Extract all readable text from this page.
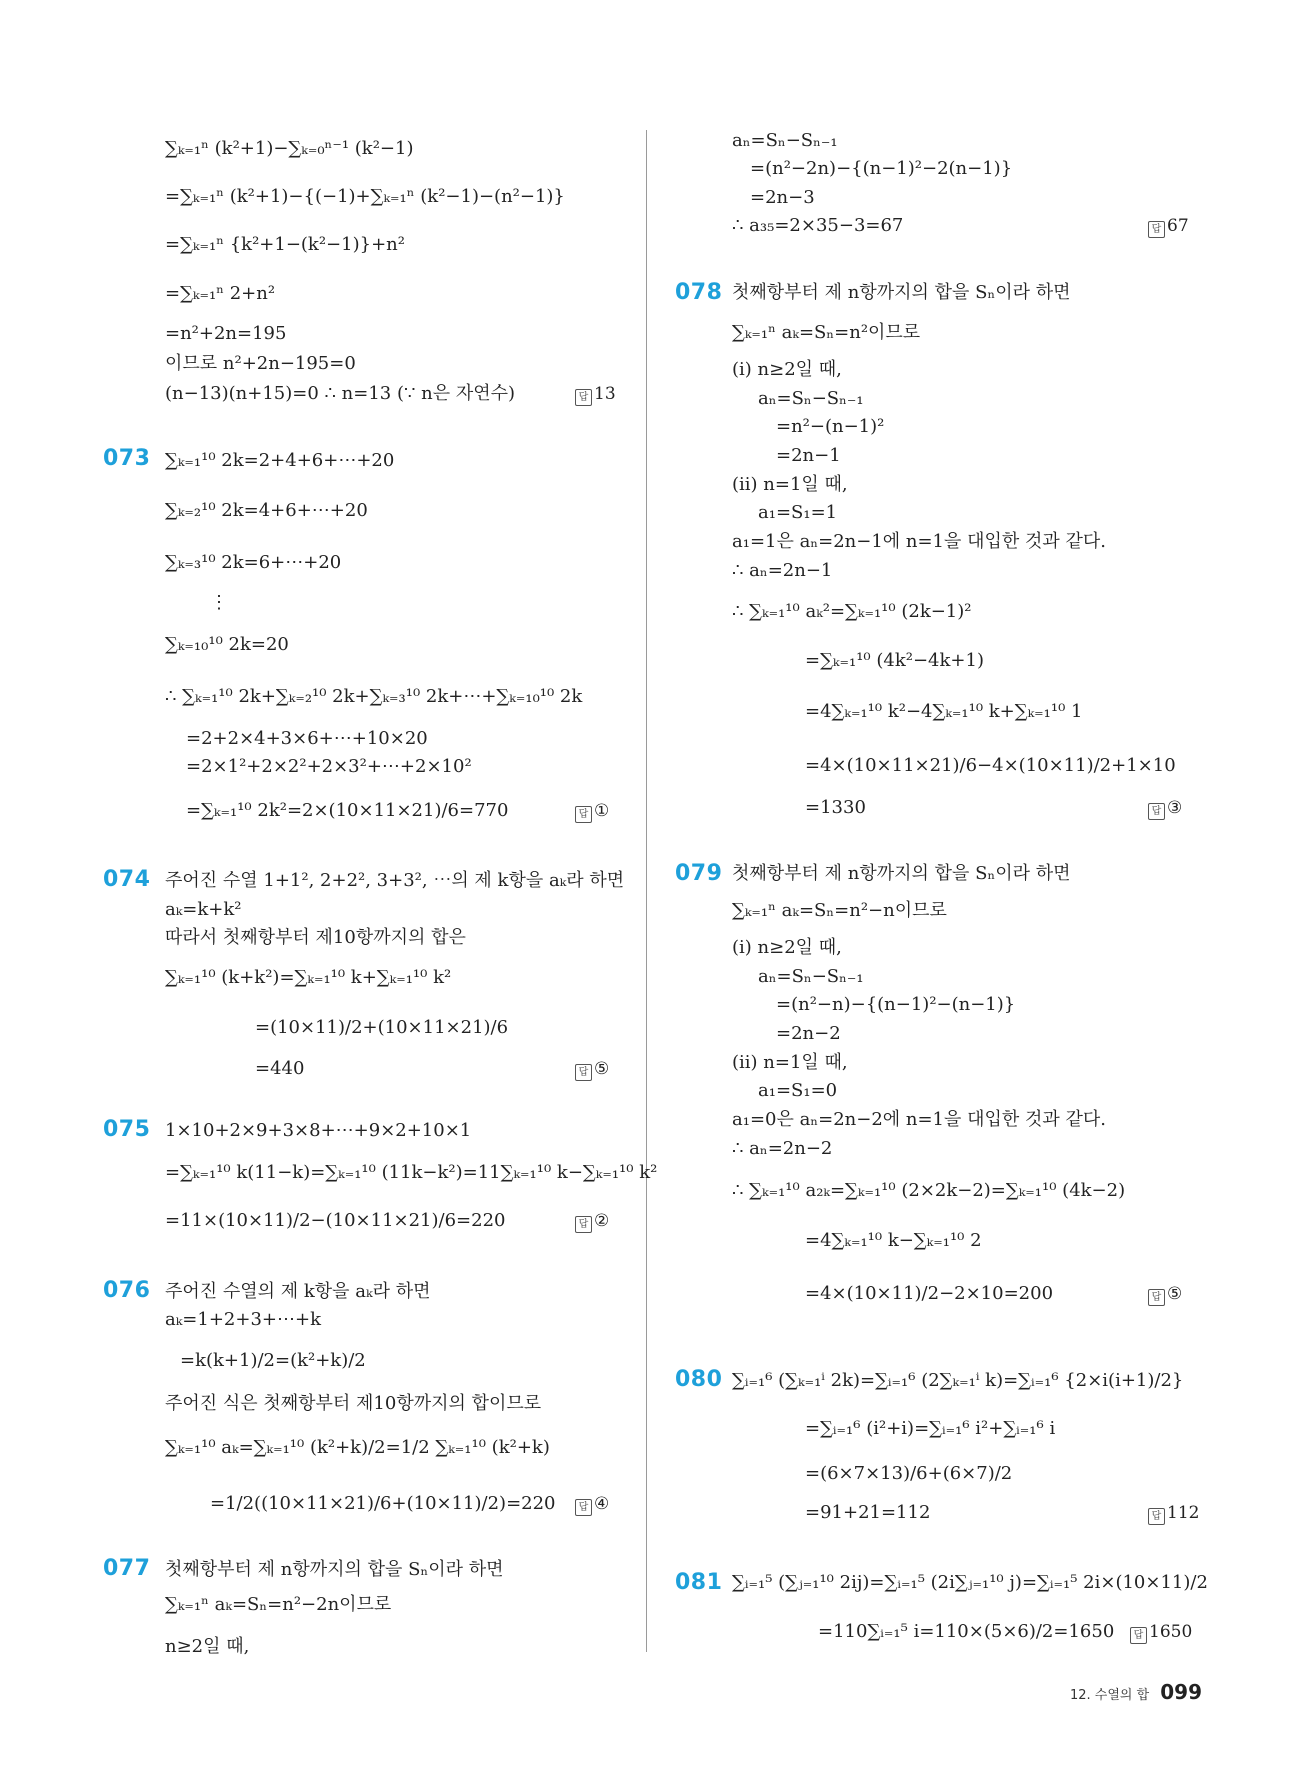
∑ₖ₌₁ⁿ (k²+1)−∑ₖ₌₀ⁿ⁻¹ (k²−1)
=∑ₖ₌₁ⁿ (k²+1)−{(−1)+∑ₖ₌₁ⁿ (k²−1)−(n²−1)}
=∑ₖ₌₁ⁿ {k²+1−(k²−1)}+n²
=∑ₖ₌₁ⁿ 2+n²
=n²+2n=195
이므로 n²+2n−195=0
(n−13)(n+15)=0 ∴ n=13 (∵ n은 자연수) 답	13
073 ∑ₖ₌₁¹⁰ 2k=2+4+6+⋯+20
∑ₖ₌₂¹⁰ 2k=4+6+⋯+20
∑ₖ₌₃¹⁰ 2k=6+⋯+20
⋮
∑ₖ₌₁₀¹⁰ 2k=20
∴ ∑ₖ₌₁¹⁰ 2k+∑ₖ₌₂¹⁰ 2k+∑ₖ₌₃¹⁰ 2k+⋯+∑ₖ₌₁₀¹⁰ 2k
=2+2×4+3×6+⋯+10×20
=2×1²+2×2²+2×3²+⋯+2×10²
=∑ₖ₌₁¹⁰ 2k²=2×(10×11×21)/6=770 답	①
074 주어진 수열 1+1², 2+2², 3+3², ⋯의 제 k항을 aₖ라 하면
aₖ=k+k²
따라서 첫째항부터 제10항까지의 합은
∑ₖ₌₁¹⁰ (k+k²)=∑ₖ₌₁¹⁰ k+∑ₖ₌₁¹⁰ k²
=(10×11)/2+(10×11×21)/6
=440 답	⑤
075 1×10+2×9+3×8+⋯+9×2+10×1
=∑ₖ₌₁¹⁰ k(11−k)=∑ₖ₌₁¹⁰ (11k−k²)=11∑ₖ₌₁¹⁰ k−∑ₖ₌₁¹⁰ k²
=11×(10×11)/2−(10×11×21)/6=220 답	②
076 주어진 수열의 제 k항을 aₖ라 하면
aₖ=1+2+3+⋯+k
=k(k+1)/2=(k²+k)/2
주어진 식은 첫째항부터 제10항까지의 합이므로
∑ₖ₌₁¹⁰ aₖ=∑ₖ₌₁¹⁰ (k²+k)/2=1/2 ∑ₖ₌₁¹⁰ (k²+k)
=1/2((10×11×21)/6+(10×11)/2)=220 답	④
077 첫째항부터 제 n항까지의 합을 Sₙ이라 하면
∑ₖ₌₁ⁿ aₖ=Sₙ=n²−2n이므로
n≥2일 때,
aₙ=Sₙ−Sₙ₋₁
=(n²−2n)−{(n−1)²−2(n−1)}
=2n−3
∴ a₃₅=2×35−3=67 답	67
078 첫째항부터 제 n항까지의 합을 Sₙ이라 하면
∑ₖ₌₁ⁿ aₖ=Sₙ=n²이므로
(ⅰ) n≥2일 때,
aₙ=Sₙ−Sₙ₋₁
=n²−(n−1)²
=2n−1
(ⅱ) n=1일 때,
a₁=S₁=1
a₁=1은 aₙ=2n−1에 n=1을 대입한 것과 같다.
∴ aₙ=2n−1
∴ ∑ₖ₌₁¹⁰ aₖ²=∑ₖ₌₁¹⁰ (2k−1)²
=∑ₖ₌₁¹⁰ (4k²−4k+1)
=4∑ₖ₌₁¹⁰ k²−4∑ₖ₌₁¹⁰ k+∑ₖ₌₁¹⁰ 1
=4×(10×11×21)/6−4×(10×11)/2+1×10
=1330 답	③
079 첫째항부터 제 n항까지의 합을 Sₙ이라 하면
∑ₖ₌₁ⁿ aₖ=Sₙ=n²−n이므로
(ⅰ) n≥2일 때,
aₙ=Sₙ−Sₙ₋₁
=(n²−n)−{(n−1)²−(n−1)}
=2n−2
(ⅱ) n=1일 때,
a₁=S₁=0
a₁=0은 aₙ=2n−2에 n=1을 대입한 것과 같다.
∴ aₙ=2n−2
∴ ∑ₖ₌₁¹⁰ a₂ₖ=∑ₖ₌₁¹⁰ (2×2k−2)=∑ₖ₌₁¹⁰ (4k−2)
=4∑ₖ₌₁¹⁰ k−∑ₖ₌₁¹⁰ 2
=4×(10×11)/2−2×10=200 답	⑤
080 ∑ᵢ₌₁⁶ (∑ₖ₌₁ⁱ 2k)=∑ᵢ₌₁⁶ (2∑ₖ₌₁ⁱ k)=∑ᵢ₌₁⁶ {2×i(i+1)/2}
=∑ᵢ₌₁⁶ (i²+i)=∑ᵢ₌₁⁶ i²+∑ᵢ₌₁⁶ i
=(6×7×13)/6+(6×7)/2
=91+21=112 답	112
081 ∑ᵢ₌₁⁵ (∑ⱼ₌₁¹⁰ 2ij)=∑ᵢ₌₁⁵ (2i∑ⱼ₌₁¹⁰ j)=∑ᵢ₌₁⁵ 2i×(10×11)/2
=110∑ᵢ₌₁⁵ i=110×(5×6)/2=1650 답	1650
12. 수열의 합 099
